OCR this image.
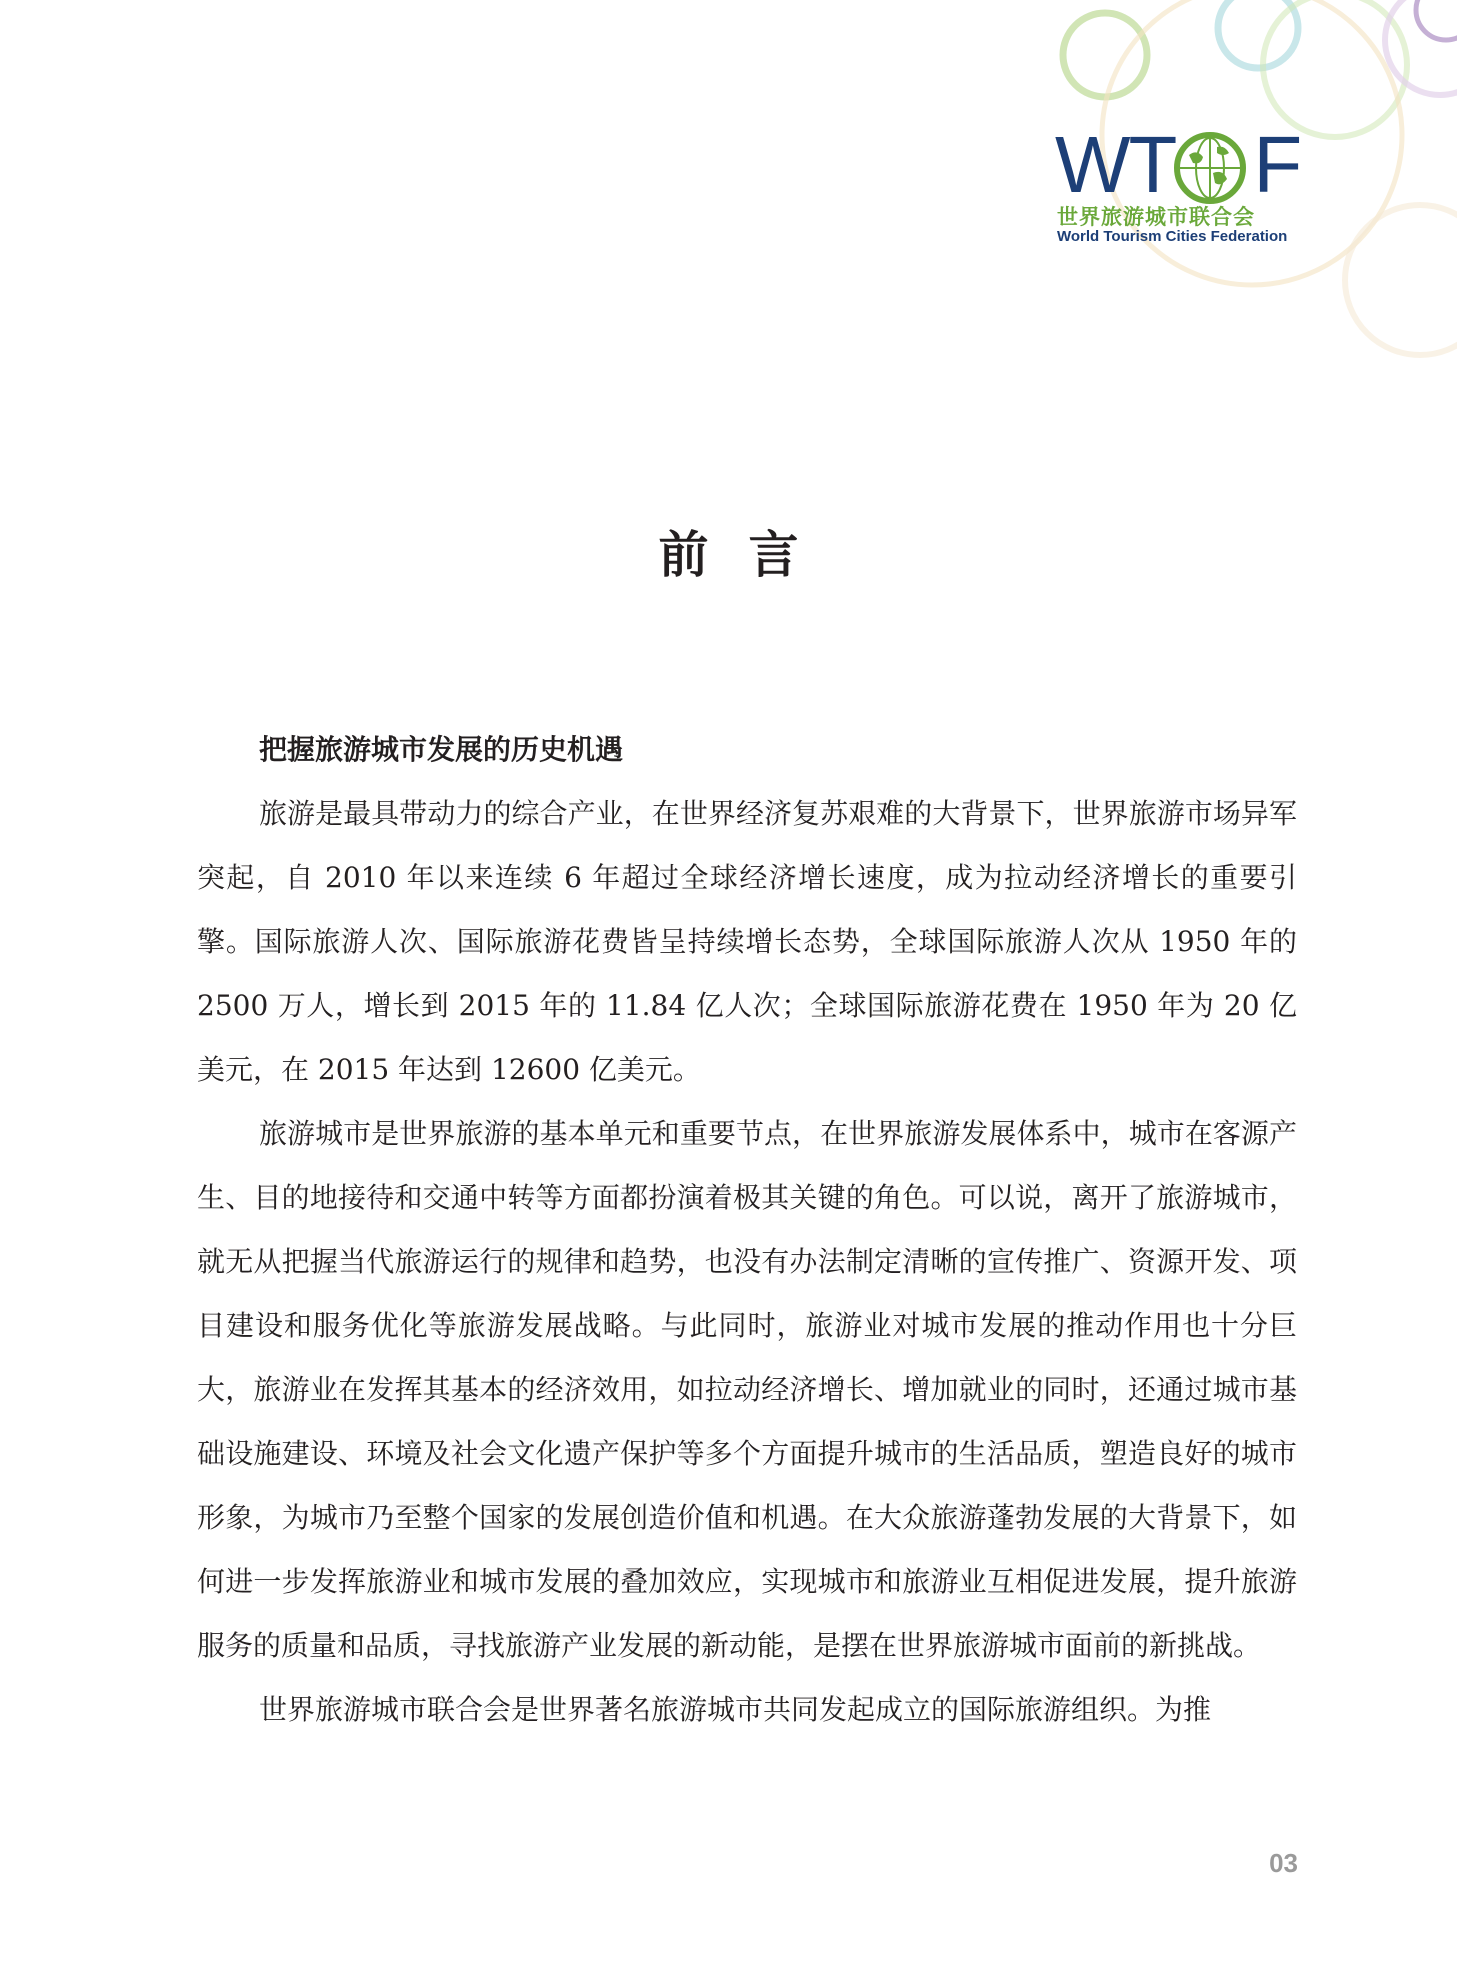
WT F
世界旅游城市联合会
World Tourism Cities Federation
前言
把握旅游城市发展的历史机遇

旅游是最具带动力的综合产业，在世界经济复苏艰难的大背景下，世界旅游市场异军突起，自 2010 年以来连续 6 年超过全球经济增长速度，成为拉动经济增长的重要引擎。国际旅游人次、国际旅游花费皆呈持续增长态势，全球国际旅游人次从 1950 年的 2500 万人，增长到 2015 年的 11.84 亿人次；全球国际旅游花费在 1950 年为 20 亿美元，在 2015 年达到 12600 亿美元。

旅游城市是世界旅游的基本单元和重要节点，在世界旅游发展体系中，城市在客源产生、目的地接待和交通中转等方面都扮演着极其关键的角色。可以说，离开了旅游城市，就无从把握当代旅游运行的规律和趋势，也没有办法制定清晰的宣传推广、资源开发、项目建设和服务优化等旅游发展战略。与此同时，旅游业对城市发展的推动作用也十分巨大，旅游业在发挥其基本的经济效用，如拉动经济增长、增加就业的同时，还通过城市基础设施建设、环境及社会文化遗产保护等多个方面提升城市的生活品质，塑造良好的城市形象，为城市乃至整个国家的发展创造价值和机遇。在大众旅游蓬勃发展的大背景下，如何进一步发挥旅游业和城市发展的叠加效应，实现城市和旅游业互相促进发展，提升旅游服务的质量和品质，寻找旅游产业发展的新动能，是摆在世界旅游城市面前的新挑战。

世界旅游城市联合会是世界著名旅游城市共同发起成立的国际旅游组织。为推

03
